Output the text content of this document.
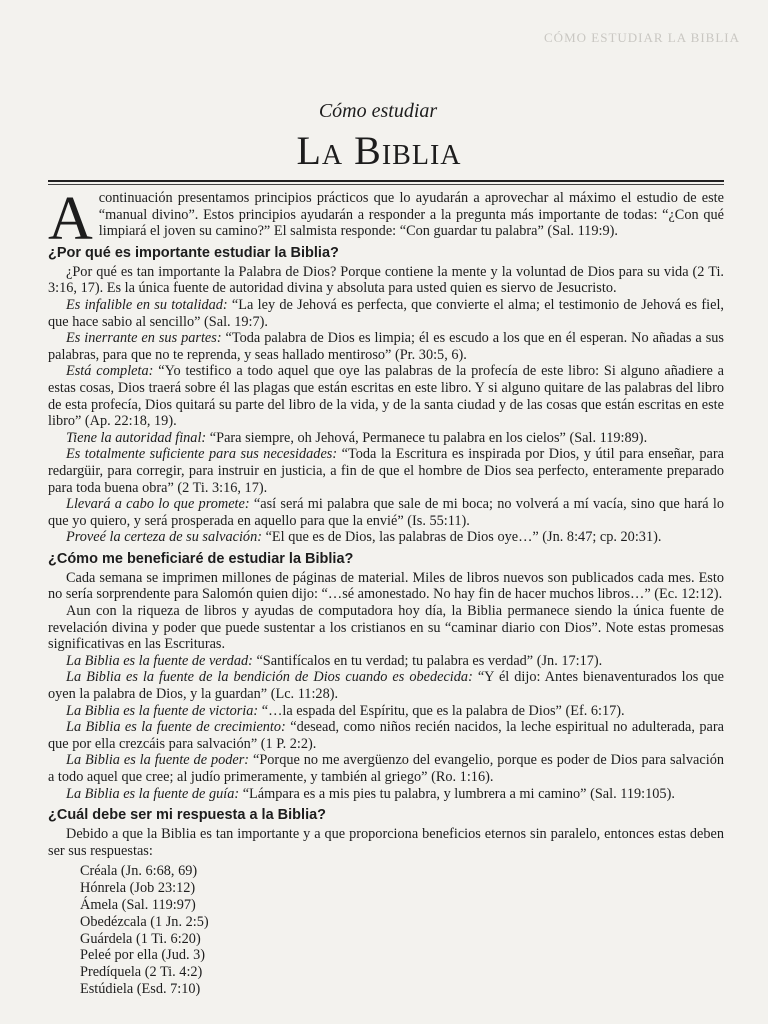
CÓMO ESTUDIAR LA BIBLIA
Cómo estudiar
La Biblia

Acontinuación presentamos principios prácticos que lo ayudarán a aprovechar al máximo el estudio de este “manual divino”. Estos principios ayudarán a responder a la pregunta más importante de todas: “¿Con qué limpiará el joven su camino?” El salmista responde: “Con guardar tu palabra” (Sal. 119:9).

¿Por qué es importante estudiar la Biblia?

¿Por qué es tan importante la Palabra de Dios? Porque contiene la mente y la voluntad de Dios para su vida (2 Ti. 3:16, 17). Es la única fuente de autoridad divina y absoluta para usted quien es siervo de Jesucristo.

Es infalible en su totalidad: “La ley de Jehová es perfecta, que convierte el alma; el testimonio de Jehová es fiel, que hace sabio al sencillo” (Sal. 19:7).

Es inerrante en sus partes: “Toda palabra de Dios es limpia; él es escudo a los que en él esperan. No añadas a sus palabras, para que no te reprenda, y seas hallado mentiroso” (Pr. 30:5, 6).

Está completa: “Yo testifico a todo aquel que oye las palabras de la profecía de este libro: Si alguno añadiere a estas cosas, Dios traerá sobre él las plagas que están escritas en este libro. Y si alguno quitare de las palabras del libro de esta profecía, Dios quitará su parte del libro de la vida, y de la santa ciudad y de las cosas que están escritas en este libro” (Ap. 22:18, 19).

Tiene la autoridad final: “Para siempre, oh Jehová, Permanece tu palabra en los cielos” (Sal. 119:89).

Es totalmente suficiente para sus necesidades: “Toda la Escritura es inspirada por Dios, y útil para enseñar, para redargüir, para corregir, para instruir en justicia, a fin de que el hombre de Dios sea perfecto, enteramente preparado para toda buena obra” (2 Ti. 3:16, 17).

Llevará a cabo lo que promete: “así será mi palabra que sale de mi boca; no volverá a mí vacía, sino que hará lo que yo quiero, y será prosperada en aquello para que la envié” (Is. 55:11).

Proveé la certeza de su salvación: “El que es de Dios, las palabras de Dios oye…” (Jn. 8:47; cp. 20:31).

¿Cómo me beneficiaré de estudiar la Biblia?

Cada semana se imprimen millones de páginas de material. Miles de libros nuevos son publicados cada mes. Esto no sería sorprendente para Salomón quien dijo: “…sé amonestado. No hay fin de hacer muchos libros…” (Ec. 12:12).

Aun con la riqueza de libros y ayudas de computadora hoy día, la Biblia permanece siendo la única fuente de revelación divina y poder que puede sustentar a los cristianos en su “caminar diario con Dios”. Note estas promesas significativas en las Escrituras.

La Biblia es la fuente de verdad: “Santifícalos en tu verdad; tu palabra es verdad” (Jn. 17:17).

La Biblia es la fuente de la bendición de Dios cuando es obedecida: “Y él dijo: Antes bienaventurados los que oyen la palabra de Dios, y la guardan” (Lc. 11:28).

La Biblia es la fuente de victoria: “…la espada del Espíritu, que es la palabra de Dios” (Ef. 6:17).

La Biblia es la fuente de crecimiento: “desead, como niños recién nacidos, la leche espiritual no adulterada, para que por ella crezcáis para salvación” (1 P. 2:2).

La Biblia es la fuente de poder: “Porque no me avergüenzo del evangelio, porque es poder de Dios para salvación a todo aquel que cree; al judío primeramente, y también al griego” (Ro. 1:16).

La Biblia es la fuente de guía: “Lámpara es a mis pies tu palabra, y lumbrera a mi camino” (Sal. 119:105).

¿Cuál debe ser mi respuesta a la Biblia?

Debido a que la Biblia es tan importante y a que proporciona beneficios eternos sin paralelo, entonces estas deben ser sus respuestas:

Créala (Jn. 6:68, 69)
Hónrela (Job 23:12)
Ámela (Sal. 119:97)
Obedézcala (1 Jn. 2:5)
Guárdela (1 Ti. 6:20)
Peleé por ella (Jud. 3)
Predíquela (2 Ti. 4:2)
Estúdiela (Esd. 7:10)
